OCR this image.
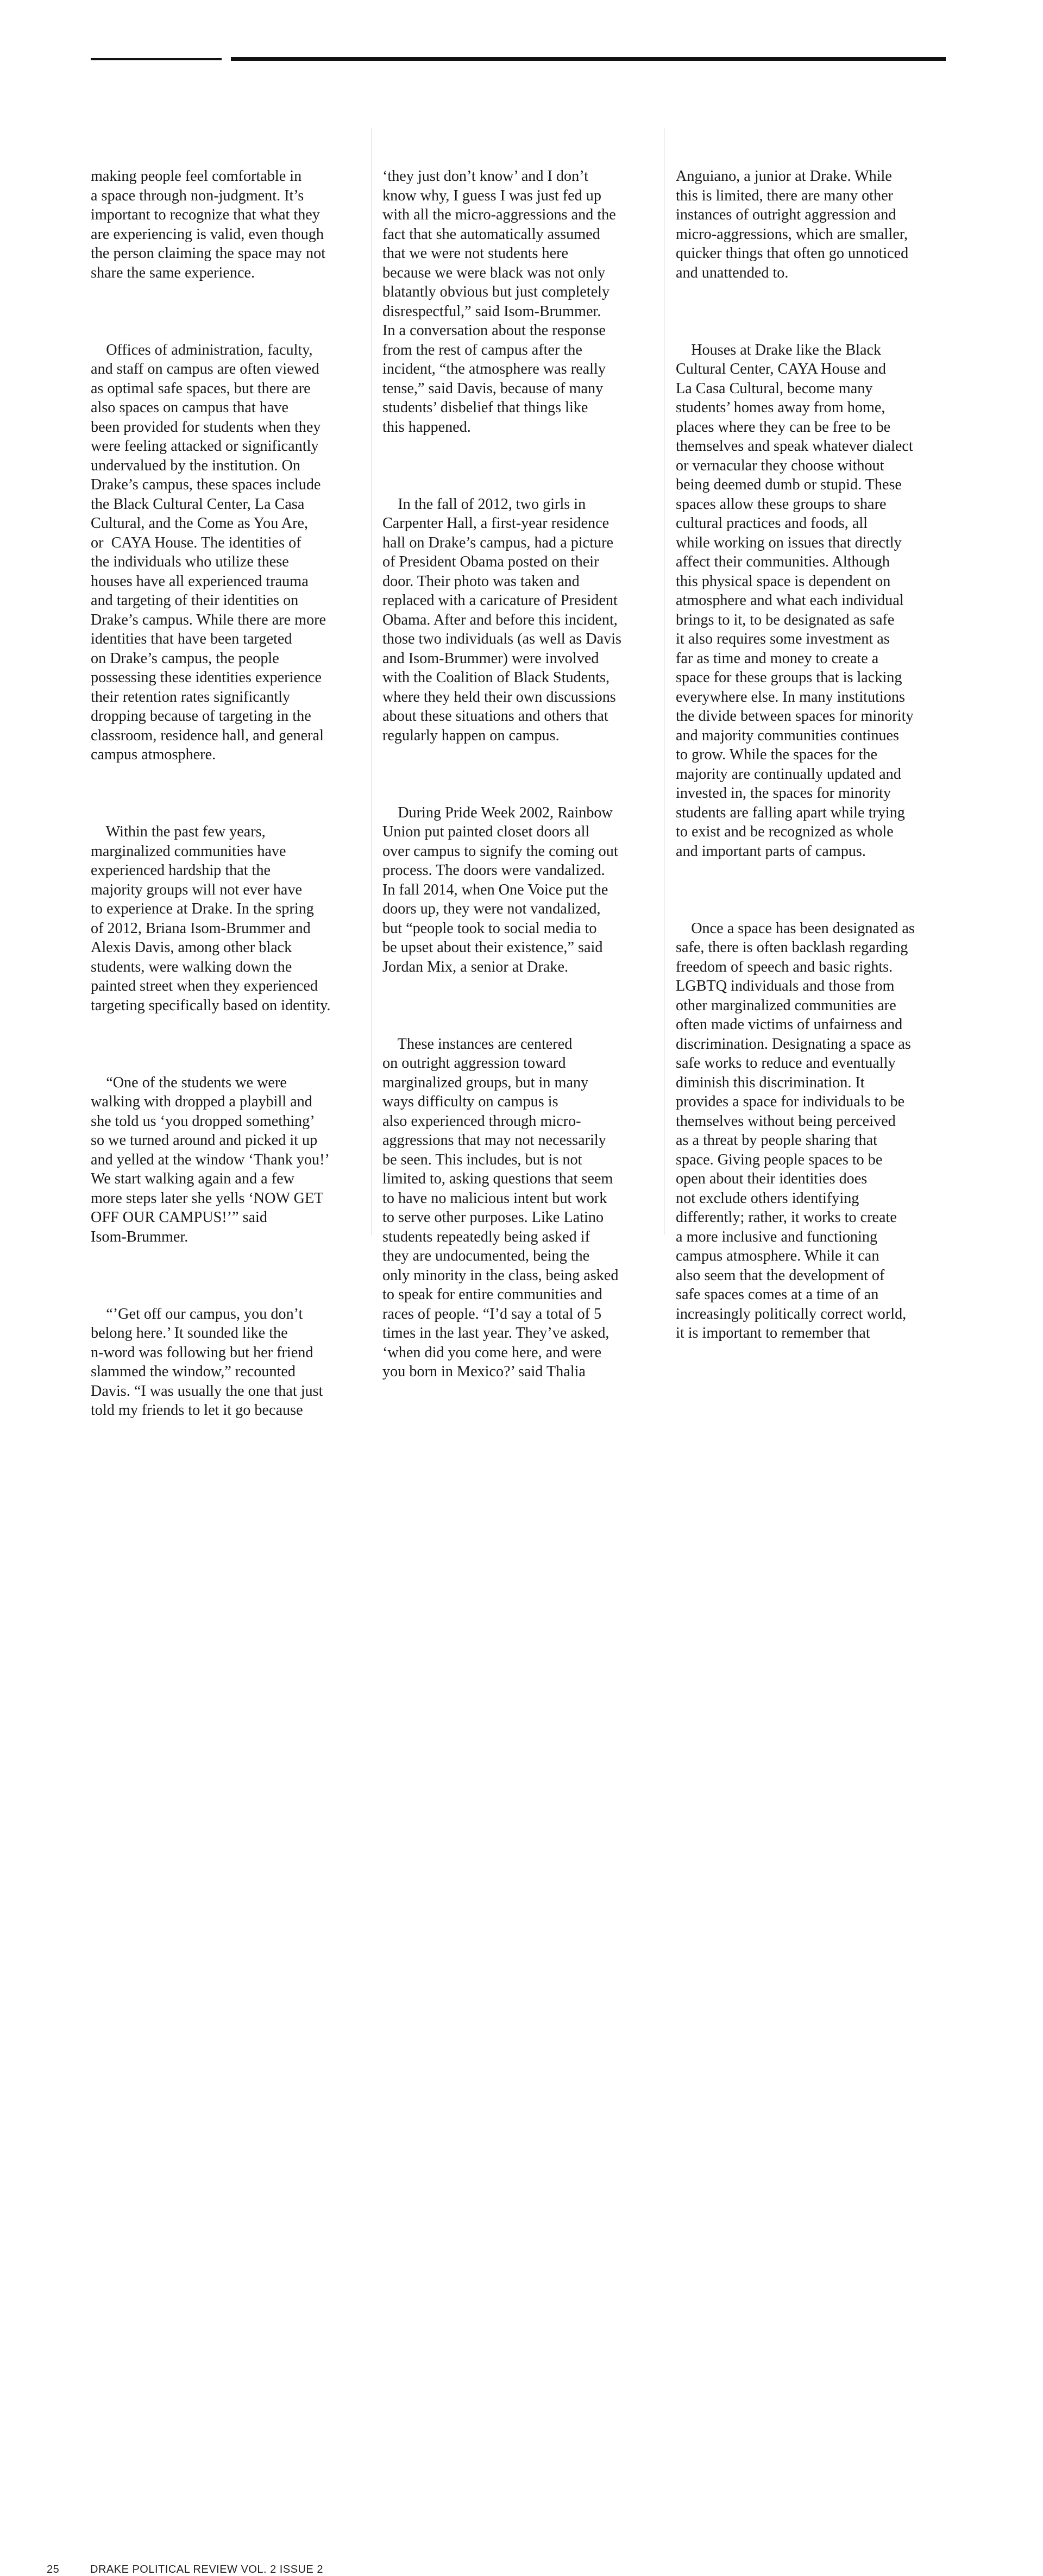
making people feel comfortable in
a space through non-judgment. It’s
important to recognize that what they
are experiencing is valid, even though
the person claiming the space may not
share the same experience.

Offices of administration, faculty,
and staff on campus are often viewed
as optimal safe spaces, but there are
also spaces on campus that have
been provided for students when they
were feeling attacked or significantly
undervalued by the institution. On
Drake’s campus, these spaces include
the Black Cultural Center, La Casa
Cultural, and the Come as You Are,
or  CAYA House. The identities of
the individuals who utilize these
houses have all experienced trauma
and targeting of their identities on
Drake’s campus. While there are more
identities that have been targeted
on Drake’s campus, the people
possessing these identities experience
their retention rates significantly
dropping because of targeting in the
classroom, residence hall, and general
campus atmosphere.

Within the past few years,
marginalized communities have
experienced hardship that the
majority groups will not ever have
to experience at Drake. In the spring
of 2012, Briana Isom-Brummer and
Alexis Davis, among other black
students, were walking down the
painted street when they experienced
targeting specifically based on identity.

“One of the students we were
walking with dropped a playbill and
she told us ‘you dropped something’
so we turned around and picked it up
and yelled at the window ‘Thank you!’
We start walking again and a few
more steps later she yells ‘NOW GET
OFF OUR CAMPUS!’” said
Isom-Brummer.

“’Get off our campus, you don’t
belong here.’ It sounded like the
n-word was following but her friend
slammed the window,” recounted
Davis. “I was usually the one that just
told my friends to let it go because

‘they just don’t know’ and I don’t
know why, I guess I was just fed up
with all the micro-aggressions and the
fact that she automatically assumed
that we were not students here
because we were black was not only
blatantly obvious but just completely
disrespectful,” said Isom-Brummer.
In a conversation about the response
from the rest of campus after the
incident, “the atmosphere was really
tense,” said Davis, because of many
students’ disbelief that things like
this happened.

In the fall of 2012, two girls in
Carpenter Hall, a first-year residence
hall on Drake’s campus, had a picture
of President Obama posted on their
door. Their photo was taken and
replaced with a caricature of President
Obama. After and before this incident,
those two individuals (as well as Davis
and Isom-Brummer) were involved
with the Coalition of Black Students,
where they held their own discussions
about these situations and others that
regularly happen on campus.

During Pride Week 2002, Rainbow
Union put painted closet doors all
over campus to signify the coming out
process. The doors were vandalized.
In fall 2014, when One Voice put the
doors up, they were not vandalized,
but “people took to social media to
be upset about their existence,” said
Jordan Mix, a senior at Drake.

These instances are centered
on outright aggression toward
marginalized groups, but in many
ways difficulty on campus is
also experienced through micro-
aggressions that may not necessarily
be seen. This includes, but is not
limited to, asking questions that seem
to have no malicious intent but work
to serve other purposes. Like Latino
students repeatedly being asked if
they are undocumented, being the
only minority in the class, being asked
to speak for entire communities and
races of people. “I’d say a total of 5
times in the last year. They’ve asked,
‘when did you come here, and were
you born in Mexico?’ said Thalia

Anguiano, a junior at Drake. While
this is limited, there are many other
instances of outright aggression and
micro-aggressions, which are smaller,
quicker things that often go unnoticed
and unattended to.

Houses at Drake like the Black
Cultural Center, CAYA House and
La Casa Cultural, become many
students’ homes away from home,
places where they can be free to be
themselves and speak whatever dialect
or vernacular they choose without
being deemed dumb or stupid. These
spaces allow these groups to share
cultural practices and foods, all
while working on issues that directly
affect their communities. Although
this physical space is dependent on
atmosphere and what each individual
brings to it, to be designated as safe
it also requires some investment as
far as time and money to create a
space for these groups that is lacking
everywhere else. In many institutions
the divide between spaces for minority
and majority communities continues
to grow. While the spaces for the
majority are continually updated and
invested in, the spaces for minority
students are falling apart while trying
to exist and be recognized as whole
and important parts of campus.

Once a space has been designated as
safe, there is often backlash regarding
freedom of speech and basic rights.
LGBTQ individuals and those from
other marginalized communities are
often made victims of unfairness and
discrimination. Designating a space as
safe works to reduce and eventually
diminish this discrimination. It
provides a space for individuals to be
themselves without being perceived
as a threat by people sharing that
space. Giving people spaces to be
open about their identities does
not exclude others identifying
differently; rather, it works to create
a more inclusive and functioning
campus atmosphere. While it can
also seem that the development of
safe spaces comes at a time of an
increasingly politically correct world,
it is important to remember that

25	DRAKE POLITICAL REVIEW VOL. 2 ISSUE 2
